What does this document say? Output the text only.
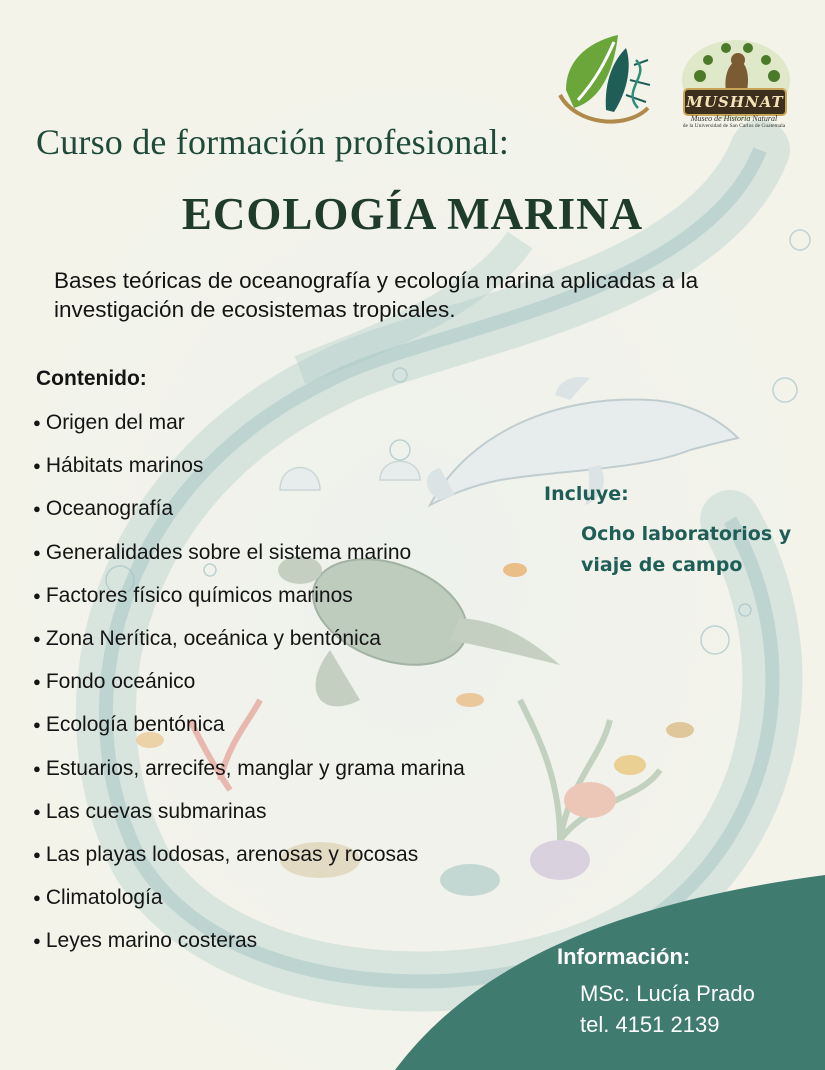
MUSHNAT
Museo de Historia Natural
de la Universidad de San Carlos de Guatemala
Curso de formación profesional:
ECOLOGÍA MARINA
Bases teóricas de oceanografía y ecología marina aplicadas a la investigación de ecosistemas tropicales.
Contenido:
● Origen del mar
● Hábitats marinos
● Oceanografía
● Generalidades sobre el sistema marino
● Factores físico químicos marinos
● Zona Nerítica, oceánica y bentónica
● Fondo oceánico
● Ecología bentónica
● Estuarios, arrecifes, manglar y grama marina
● Las cuevas submarinas
● Las playas lodosas, arenosas y rocosas
● Climatología
● Leyes marino costeras
Incluye:
Ocho laboratorios y
viaje de campo
Información:
MSc. Lucía Prado
tel. 4151 2139
